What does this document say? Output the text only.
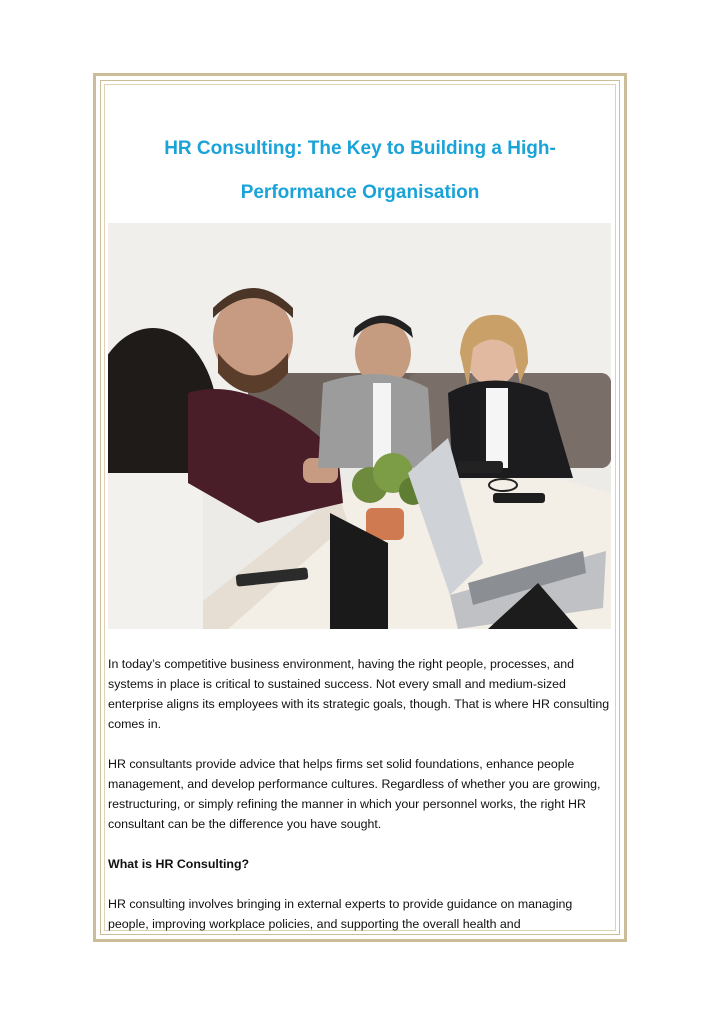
HR Consulting: The Key to Building a High-Performance Organisation

In today’s competitive business environment, having the right people, processes, and systems in place is critical to sustained success. Not every small and medium-sized enterprise aligns its employees with its strategic goals, though. That is where HR consulting comes in.

HR consultants provide advice that helps firms set solid foundations, enhance people management, and develop performance cultures. Regardless of whether you are growing, restructuring, or simply refining the manner in which your personnel works, the right HR consultant can be the difference you have sought.

What is HR Consulting?

HR consulting involves bringing in external experts to provide guidance on managing people, improving workplace policies, and supporting the overall health and
